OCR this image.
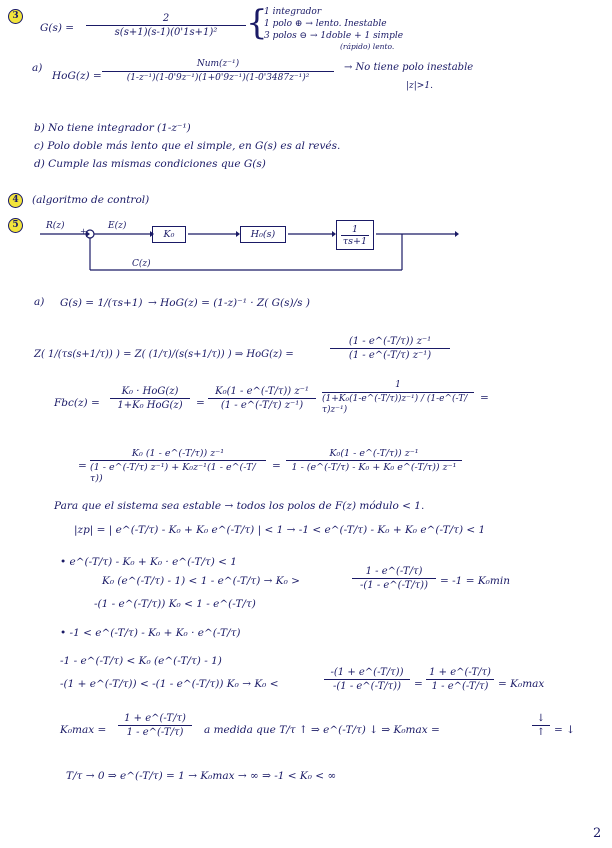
3
G(s) =
2
s(s+1)(s-1)(0'1s+1)² {
1 integrador
1 polo ⊕ → lento. Inestable
3 polos ⊖ → 1doble + 1 simple
(rápido) lento.
a)
HoG(z) =
Num(z⁻¹)
(1-z⁻¹)(1-0'9z⁻¹)(1+0'9z⁻¹)(1-0'3487z⁻¹)²
→ No tiene polo inestable
|z|>1.
b) No tiene integrador (1-z⁻¹)
c) Polo doble más lento que el simple, en G(s) es al revés.
d) Cumple las mismas condiciones que G(s)
4	(algoritmo de control)
5	R(z)
+
E(z)
C(z)
K₀	H₀(s)	1
τs+1
a) G(s) = 1/(τs+1) → HoG(z) = (1-z)⁻¹ · Z( G(s)/s )
Z( 1/(τs(s+1/τ)) ) = Z( (1/τ)/(s(s+1/τ)) ) ⇒ HoG(z) =
(1 - e^(-T/τ)) z⁻¹
(1 - e^(-T/τ) z⁻¹)
Fbc(z) =
K₀ · HoG(z)
1+K₀ HoG(z) =
K₀(1 - e^(-T/τ)) z⁻¹
(1 - e^(-T/τ) z⁻¹)
1
(1+K₀(1-e^(-T/τ))z⁻¹) / (1-e^(-T/τ)z⁻¹)
=
=
K₀ (1 - e^(-T/τ)) z⁻¹
(1 - e^(-T/τ) z⁻¹) + K₀z⁻¹(1 - e^(-T/τ))
=
K₀(1 - e^(-T/τ)) z⁻¹
1 - (e^(-T/τ) - K₀ + K₀ e^(-T/τ)) z⁻¹
Para que el sistema sea estable → todos los polos de F(z) módulo < 1.
|zp| = | e^(-T/τ) - K₀ + K₀ e^(-T/τ) | < 1 → -1 < e^(-T/τ) - K₀ + K₀ e^(-T/τ) < 1
• e^(-T/τ) - K₀ + K₀ · e^(-T/τ) < 1
K₀ (e^(-T/τ) - 1) < 1 - e^(-T/τ) → K₀ >
1 - e^(-T/τ)
-(1 - e^(-T/τ)) = -1 = K₀min
-(1 - e^(-T/τ)) K₀ < 1 - e^(-T/τ)
• -1 < e^(-T/τ) - K₀ + K₀ · e^(-T/τ)
-1 - e^(-T/τ) < K₀ (e^(-T/τ) - 1)
-(1 + e^(-T/τ)) < -(1 - e^(-T/τ)) K₀ → K₀ <
-(1 + e^(-T/τ))
-(1 - e^(-T/τ)) =
1 + e^(-T/τ)
1 - e^(-T/τ) = K₀max
K₀max =
1 + e^(-T/τ)
1 - e^(-T/τ) a medida que T/τ ↑ ⇒ e^(-T/τ) ↓ ⇒ K₀max =
↓
↑ = ↓
T/τ → 0 ⇒ e^(-T/τ) = 1 → K₀max → ∞ ⇒ -1 < K₀ < ∞
2
